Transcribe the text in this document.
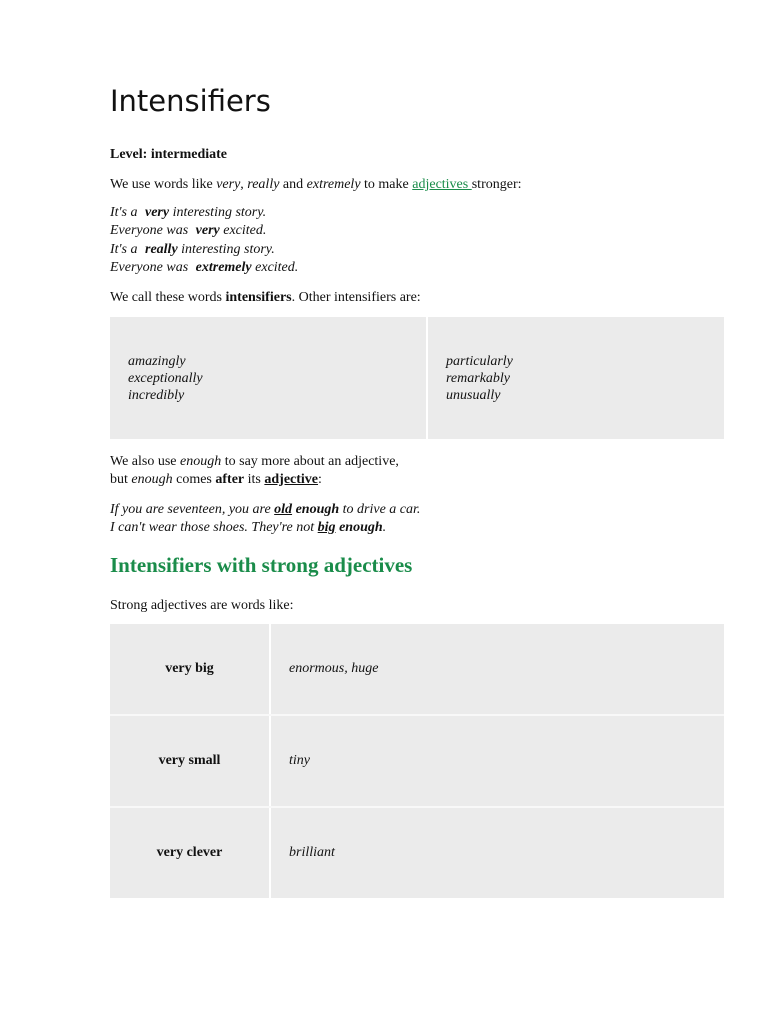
Intensifiers
Level: intermediate
We use words like very, really and extremely to make adjectives stronger:
It's a very interesting story.
Everyone was very excited.
It's a really interesting story.
Everyone was extremely excited.
We call these words intensifiers. Other intensifiers are:
amazingly
exceptionally
incredibly
particularly
remarkably
unusually
We also use enough to say more about an adjective,
but enough comes after its adjective:
If you are seventeen, you are old enough to drive a car.
I can't wear those shoes. They're not big enough.
Intensifiers with strong adjectives
Strong adjectives are words like:
very big	enormous, huge
very small	tiny
very clever	brilliant
